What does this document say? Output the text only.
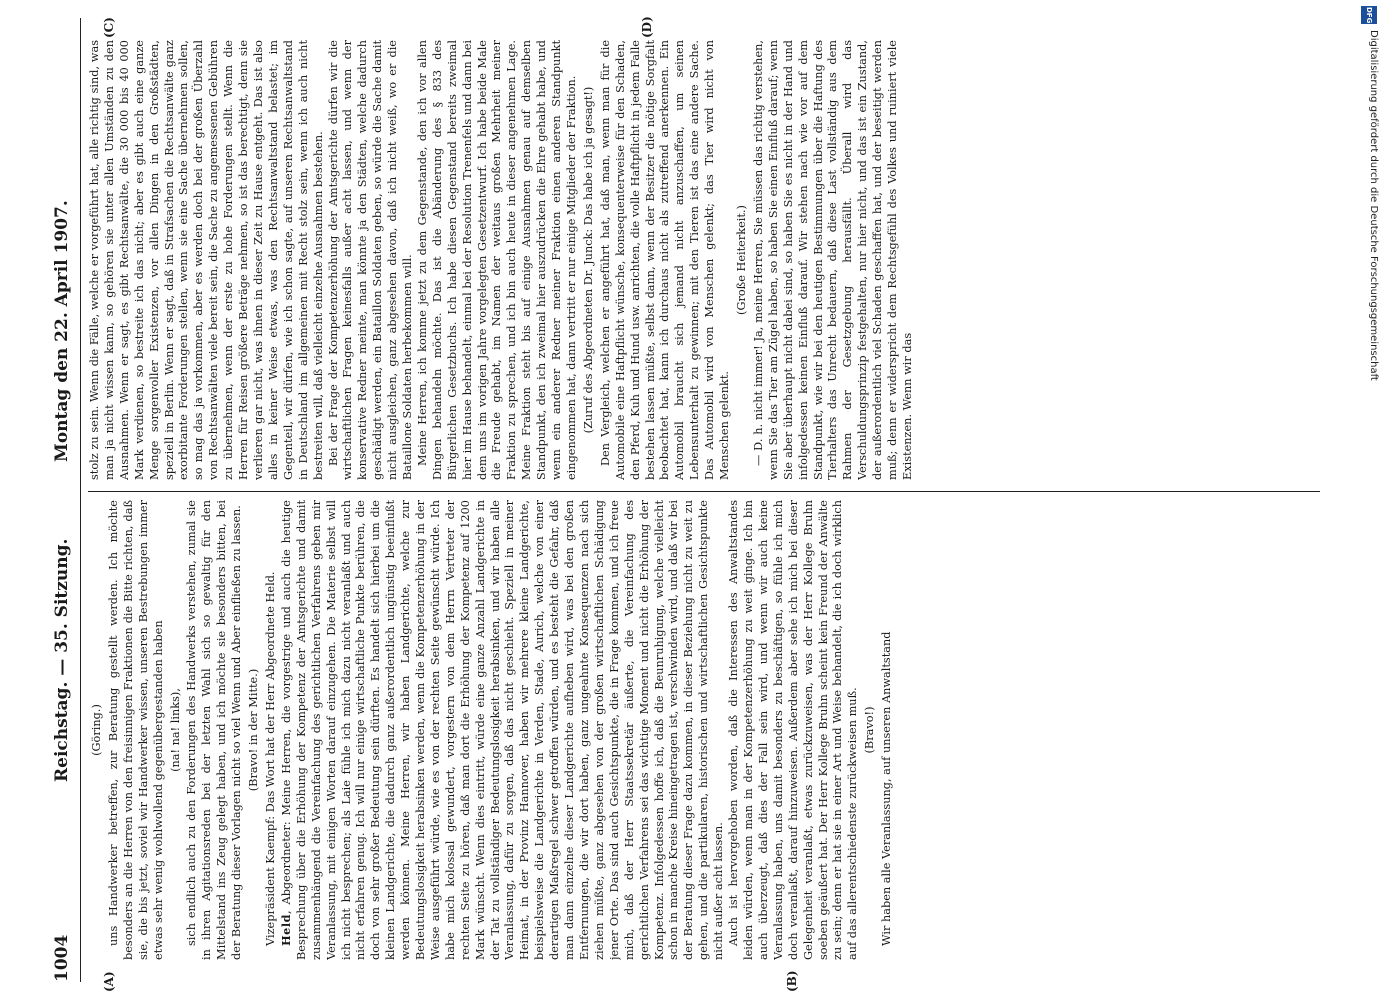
1004
Reichstag. — 35. Sitzung.
Montag den 22. April 1907.
(A)	(B)
(C)	(D)

(Göring.) uns Handwerker betreffen, zur Beratung gestellt werden. Ich möchte besonders an die Herren von den freisinnigen Fraktionen die Bitte richten, daß sie, die bis jetzt, soviel wir Handwerker wissen, unseren Bestrebungen immer etwas sehr wenig wohlwollend gegenübergestanden haben (na! na! links), sich endlich auch zu den Forderungen des Handwerks verstehen, zumal sie in ihren Agitationsreden bei der letzten Wahl sich so gewaltig für den Mittelstand ins Zeug gelegt haben, und ich möchte sie besonders bitten, bei der Beratung dieser Vorlagen nicht so viel Wenn und Aber einfließen zu lassen. (Bravo! in der Mitte.) Vizepräsident Kaempf: Das Wort hat der Herr Abgeordnete Held. Held, Abgeordneter: Meine Herren, die vorgestrige und auch die heutige Besprechung über die Erhöhung der Kompetenz der Amtsgerichte und damit zusammenhängend die Vereinfachung des gerichtlichen Verfahrens geben mir Veranlassung, mit einigen Worten darauf einzugehen. Die Materie selbst will ich nicht besprechen; als Laie fühle ich mich dazu nicht veranlaßt und auch nicht erfahren genug. Ich will nur einige wirtschaftliche Punkte berühren, die doch von sehr großer Bedeutung sein dürften. Es handelt sich hierbei um die kleinen Landgerichte, die dadurch ganz außerordentlich ungünstig beeinflußt werden können. Meine Herren, wir haben Landgerichte, welche zur Bedeutungslosigkeit herabsinken werden, wenn die Kompetenzerhöhung in der Weise ausgeführt würde, wie es von der rechten Seite gewünscht würde. Ich habe mich kolossal gewundert, vorgestern von dem Herrn Vertreter der rechten Seite zu hören, daß man dort die Erhöhung der Kompetenz auf 1200 Mark wünscht. Wenn dies eintritt, würde eine ganze Anzahl Landgerichte in der Tat zu vollständiger Bedeutungslosigkeit herabsinken, und wir haben alle Veranlassung, dafür zu sorgen, daß das nicht geschieht. Speziell in meiner Heimat, in der Provinz Hannover, haben wir mehrere kleine Landgerichte, beispielsweise die Landgerichte in Verden, Stade, Aurich, welche von einer derartigen Maßregel schwer getroffen würden, und es besteht die Gefahr, daß man dann einzelne dieser Landgerichte aufheben wird, was bei den großen Entfernungen, die wir dort haben, ganz ungeahnte Konsequenzen nach sich ziehen müßte, ganz abgesehen von der großen wirtschaftlichen Schädigung jener Orte. Das sind auch Gesichtspunkte, die in Frage kommen, und ich freue mich, daß der Herr Staatssekretär äußerte, die Vereinfachung des gerichtlichen Verfahrens sei das wichtige Moment und nicht die Erhöhung der Kompetenz. Infolgedessen hoffe ich, daß die Beunruhigung, welche vielleicht schon in manche Kreise hineingetragen ist, verschwinden wird, und daß wir bei der Beratung dieser Frage dazu kommen, in dieser Beziehung nicht zu weit zu gehen, und die partikularen, historischen und wirtschaftlichen Gesichtspunkte nicht außer acht lassen. Auch ist hervorgehoben worden, daß die Interessen des Anwaltstandes leiden würden, wenn man in der Kompetenzerhöhung zu weit ginge. Ich bin auch überzeugt, daß dies der Fall sein wird, und wenn wir auch keine Veranlassung haben, uns damit besonders zu beschäftigen, so fühle ich mich doch veranlaßt, darauf hinzuweisen. Außerdem aber sehe ich mich bei dieser Gelegenheit veranlaßt, etwas zurückzuweisen, was der Herr Kollege Bruhn soeben geäußert hat. Der Herr Kollege Bruhn scheint kein Freund der Anwälte zu sein; denn er hat sie in einer Art und Weise behandelt, die ich doch wirklich auf das allerentschiedenste zurückweisen muß. (Bravo!) Wir haben alle Veranlassung, auf unseren Anwaltstand

stolz zu sein. Wenn die Fälle, welche er vorgeführt hat, alle richtig sind, was man ja nicht wissen kann, so gehören sie unter allen Umständen zu den Ausnahmen. Wenn er sagt, es gibt Rechtsanwälte, die 30 000 bis 40 000 Mark verdienen, so bestreite ich das nicht; aber es gibt auch eine ganze Menge sorgenvoller Existenzen, vor allen Dingen in den Großstädten, speziell in Berlin. Wenn er sagt, daß in Strafsachen die Rechtsanwälte ganz exorbitante Forderungen stellen, wenn sie eine Sache übernehmen sollen, so mag das ja vorkommen, aber es werden doch bei der großen Überzahl von Rechtsanwälten viele bereit sein, die Sache zu angemessenen Gebühren zu übernehmen, wenn der erste zu hohe Forderungen stellt. Wenn die Herren für Reisen größere Beträge nehmen, so ist das berechtigt, denn sie verlieren gar nicht, was ihnen in dieser Zeit zu Hause entgeht. Das ist also alles in keiner Weise etwas, was den Rechtsanwaltstand belastet; im Gegenteil, wir dürfen, wie ich schon sagte, auf unseren Rechtsanwaltstand in Deutschland im allgemeinen mit Recht stolz sein, wenn ich auch nicht bestreiten will, daß vielleicht einzelne Ausnahmen bestehen. Bei der Frage der Kompetenzerhöhung der Amtsgerichte dürfen wir die wirtschaftlichen Fragen keinesfalls außer acht lassen, und wenn der konservative Redner meinte, man könnte ja den Städten, welche dadurch geschädigt werden, ein Bataillon Soldaten geben, so würde die Sache damit nicht ausgleichen, ganz abgesehen davon, daß ich nicht weiß, wo er die Bataillone Soldaten herbekommen will. Meine Herren, ich komme jetzt zu dem Gegenstande, den ich vor allen Dingen behandeln möchte. Das ist die Abänderung des § 833 des Bürgerlichen Gesetzbuchs. Ich habe diesen Gegenstand bereits zweimal hier im Hause behandelt, einmal bei der Resolution Trenenfels und dann bei dem uns im vorigen Jahre vorgelegten Gesetzentwurf. Ich habe beide Male die Freude gehabt, im Namen der weitaus großen Mehrheit meiner Fraktion zu sprechen, und ich bin auch heute in dieser angenehmen Lage. Meine Fraktion steht bis auf einige Ausnahmen genau auf demselben Standpunkt, den ich zweimal hier auszudrücken die Ehre gehabt habe, und wenn ein anderer Redner meiner Fraktion einen anderen Standpunkt eingenommen hat, dann vertritt er nur einige Mitglieder der Fraktion. (Zuruf des Abgeordneten Dr. Junck: Das habe ich ja gesagt!) Den Vergleich, welchen er angeführt hat, daß man, wenn man für die Automobile eine Haftpflicht wünsche, konsequenterweise für den Schaden, den Pferd, Kuh und Hund usw. anrichten, die volle Haftpflicht in jedem Falle bestehen lassen müßte, selbst dann, wenn der Besitzer die nötige Sorgfalt beobachtet hat, kann ich durchaus nicht als zutreffend anerkennen. Ein Automobil braucht sich jemand nicht anzuschaffen, um seinen Lebensunterhalt zu gewinnen; mit den Tieren ist das eine andere Sache. Das Automobil wird von Menschen gelenkt; das Tier wird nicht von Menschen gelenkt.

(Große Heiterkeit.) — D. h. nicht immer! Ja, meine Herren, Sie müssen das richtig verstehen, wenn Sie das Tier am Zügel haben, so haben Sie einen Einfluß darauf; wenn Sie aber überhaupt nicht dabei sind, so haben Sie es nicht in der Hand und infolgedessen keinen Einfluß darauf. Wir stehen nach wie vor auf dem Standpunkt, wie wir bei den heutigen Bestimmungen über die Haftung des Tierhalters das Unrecht bedauern, daß diese Last vollständig aus dem Rahmen der Gesetzgebung herausfällt. Überall wird das Verschuldungsprinzip festgehalten, nur hier nicht, und das ist ein Zustand, der außerordentlich viel Schaden geschaffen hat, und der beseitigt werden muß; denn er widerspricht dem Rechtsgefühl des Volkes und ruiniert viele Existenzen. Wenn wir das

DFG
Digitalisierung gefördert durch die Deutsche Forschungsgemeinschaft
